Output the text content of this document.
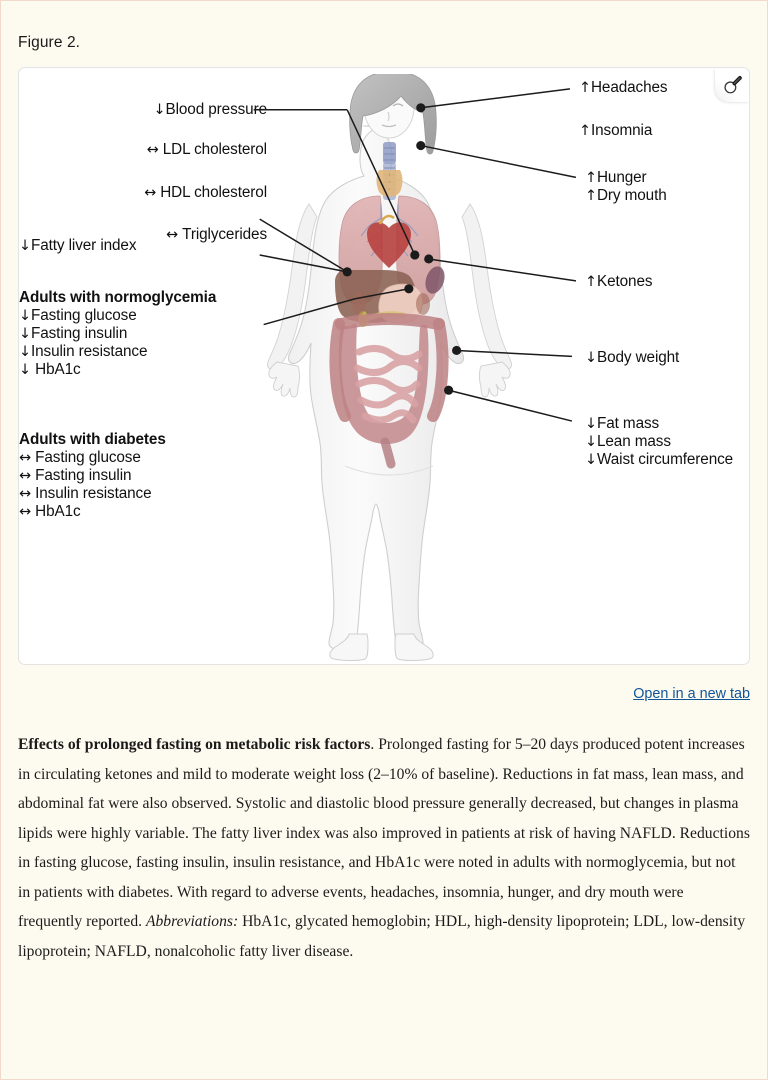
Figure 2.
↓Blood pressure
↔ LDL cholesterol

↔ HDL cholesterol

↔ Triglycerides
↓Fatty liver index
Adults with normoglycemia

↓Fasting glucose

↓Fasting insulin

↓Insulin resistance

↓ HbA1c
Adults with diabetes

↔ Fasting glucose

↔ Fasting insulin

↔ Insulin resistance

↔ HbA1c
↑Headaches

↑Insomnia
↑Hunger

↑Dry mouth
↑Ketones
↓Body weight
↓Fat mass

↓Lean mass

↓Waist circumference
Open in a new tab
Effects of prolonged fasting on metabolic risk factors. Prolonged fasting for 5–20 days produced potent increases in circulating ketones and mild to moderate weight loss (2–10% of baseline). Reductions in fat mass, lean mass, and abdominal fat were also observed. Systolic and diastolic blood pressure generally decreased, but changes in plasma lipids were highly variable. The fatty liver index was also improved in patients at risk of having NAFLD. Reductions in fasting glucose, fasting insulin, insulin resistance, and HbA1c were noted in adults with normoglycemia, but not in patients with diabetes. With regard to adverse events, headaches, insomnia, hunger, and dry mouth were frequently reported. Abbreviations: HbA1c, glycated hemoglobin; HDL, high-density lipoprotein; LDL, low-density lipoprotein; NAFLD, nonalcoholic fatty liver disease.
